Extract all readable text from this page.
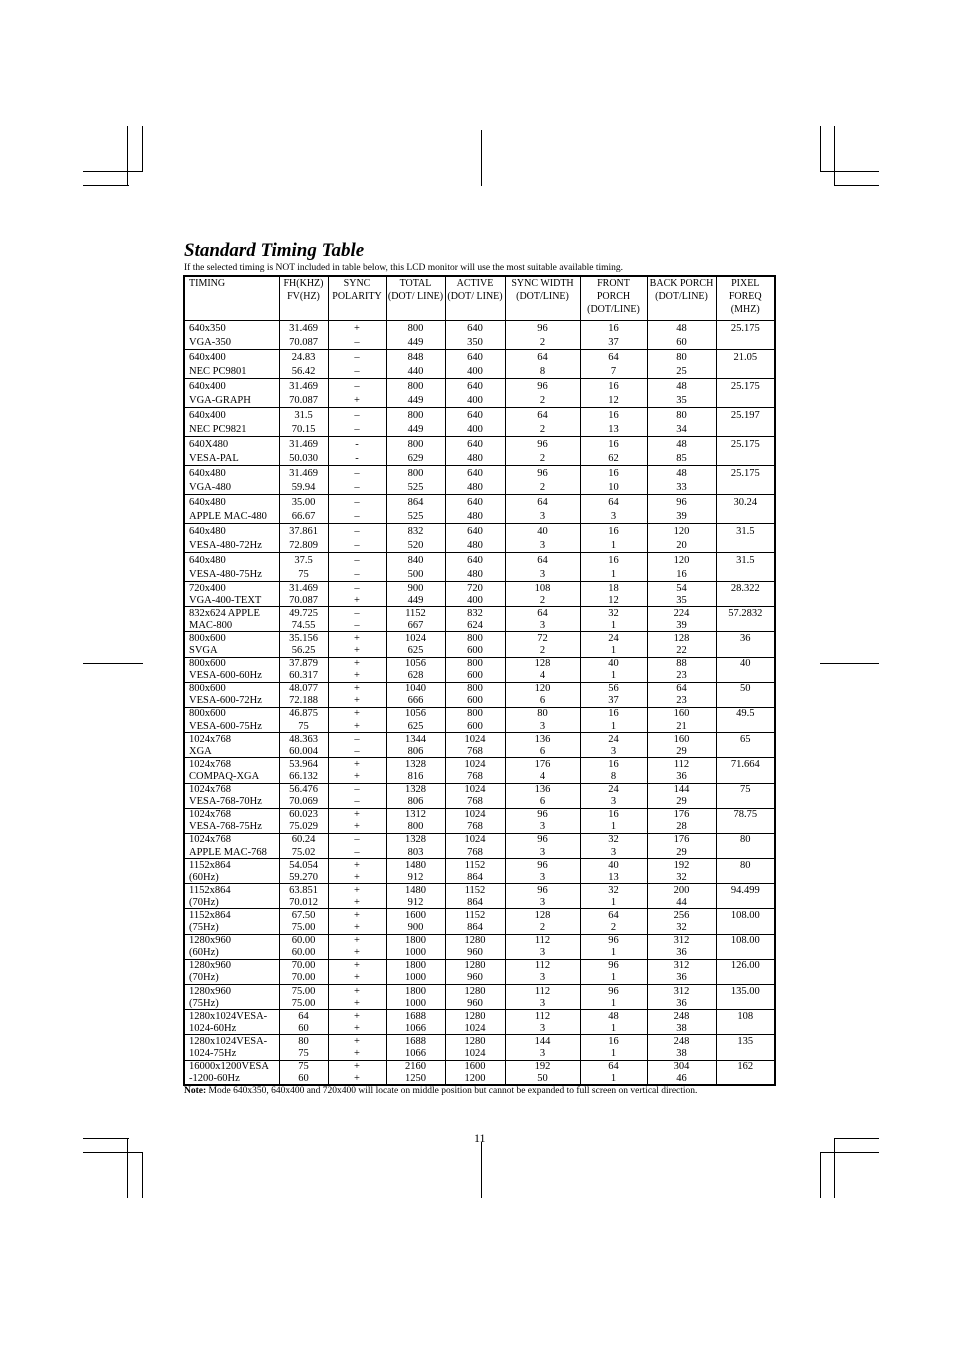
Standard Timing Table
If the selected timing is NOT included in table below, this LCD monitor will use the most suitable available timing.
TIMING	FH(KHZ) FV(HZ)	SYNC POLARITY	TOTAL (DOT/ LINE)	ACTIVE (DOT/ LINE)	SYNC WIDTH (DOT/LINE)	FRONT PORCH (DOT/LINE)	BACK PORCH (DOT/LINE)	PIXEL FOREQ (MHZ)
640x350	31.469	+	800	640	96	16	48	25.175
VGA-350	70.087	–	449	350	2	37	60	
640x400	24.83	–	848	640	64	64	80	21.05
NEC PC9801	56.42	–	440	400	8	7	25	
640x400	31.469	–	800	640	96	16	48	25.175
VGA-GRAPH	70.087	+	449	400	2	12	35	
640x400	31.5	–	800	640	64	16	80	25.197
NEC PC9821	70.15	–	449	400	2	13	34	
640X480	31.469	-	800	640	96	16	48	25.175
VESA-PAL	50.030	-	629	480	2	62	85	
640x480	31.469	–	800	640	96	16	48	25.175
VGA-480	59.94	–	525	480	2	10	33	
640x480	35.00	–	864	640	64	64	96	30.24
APPLE MAC-480	66.67	–	525	480	3	3	39	
640x480	37.861	–	832	640	40	16	120	31.5
VESA-480-72Hz	72.809	–	520	480	3	1	20	
640x480	37.5	–	840	640	64	16	120	31.5
VESA-480-75Hz	75	–	500	480	3	1	16	
720x400	31.469	–	900	720	108	18	54	28.322
VGA-400-TEXT	70.087	+	449	400	2	12	35	
832x624 APPLE	49.725	–	1152	832	64	32	224	57.2832
MAC-800	74.55	–	667	624	3	1	39	
800x600	35.156	+	1024	800	72	24	128	36
SVGA	56.25	+	625	600	2	1	22	
800x600	37.879	+	1056	800	128	40	88	40
VESA-600-60Hz	60.317	+	628	600	4	1	23	
800x600	48.077	+	1040	800	120	56	64	50
VESA-600-72Hz	72.188	+	666	600	6	37	23	
800x600	46.875	+	1056	800	80	16	160	49.5
VESA-600-75Hz	75	+	625	600	3	1	21	
1024x768	48.363	–	1344	1024	136	24	160	65
XGA	60.004	–	806	768	6	3	29	
1024x768	53.964	+	1328	1024	176	16	112	71.664
COMPAQ-XGA	66.132	+	816	768	4	8	36	
1024x768	56.476	–	1328	1024	136	24	144	75
VESA-768-70Hz	70.069	–	806	768	6	3	29	
1024x768	60.023	+	1312	1024	96	16	176	78.75
VESA-768-75Hz	75.029	+	800	768	3	1	28	
1024x768	60.24	–	1328	1024	96	32	176	80
APPLE MAC-768	75.02	–	803	768	3	3	29	
1152x864	54.054	+	1480	1152	96	40	192	80
(60Hz)	59.270	+	912	864	3	13	32	
1152x864	63.851	+	1480	1152	96	32	200	94.499
(70Hz)	70.012	+	912	864	3	1	44	
1152x864	67.50	+	1600	1152	128	64	256	108.00
(75Hz)	75.00	+	900	864	2	2	32	
1280x960	60.00	+	1800	1280	112	96	312	108.00
(60Hz)	60.00	+	1000	960	3	1	36	
1280x960	70.00	+	1800	1280	112	96	312	126.00
(70Hz)	70.00	+	1000	960	3	1	36	
1280x960	75.00	+	1800	1280	112	96	312	135.00
(75Hz)	75.00	+	1000	960	3	1	36	
1280x1024VESA-	64	+	1688	1280	112	48	248	108
1024-60Hz	60	+	1066	1024	3	1	38	
1280x1024VESA-	80	+	1688	1280	144	16	248	135
1024-75Hz	75	+	1066	1024	3	1	38	
16000x1200VESA	75	+	2160	1600	192	64	304	162
-1200-60Hz	60	+	1250	1200	50	1	46	
Note: Mode 640x350, 640x400 and 720x400 will locate on middle position but cannot be expanded to full screen on vertical direction.
11
